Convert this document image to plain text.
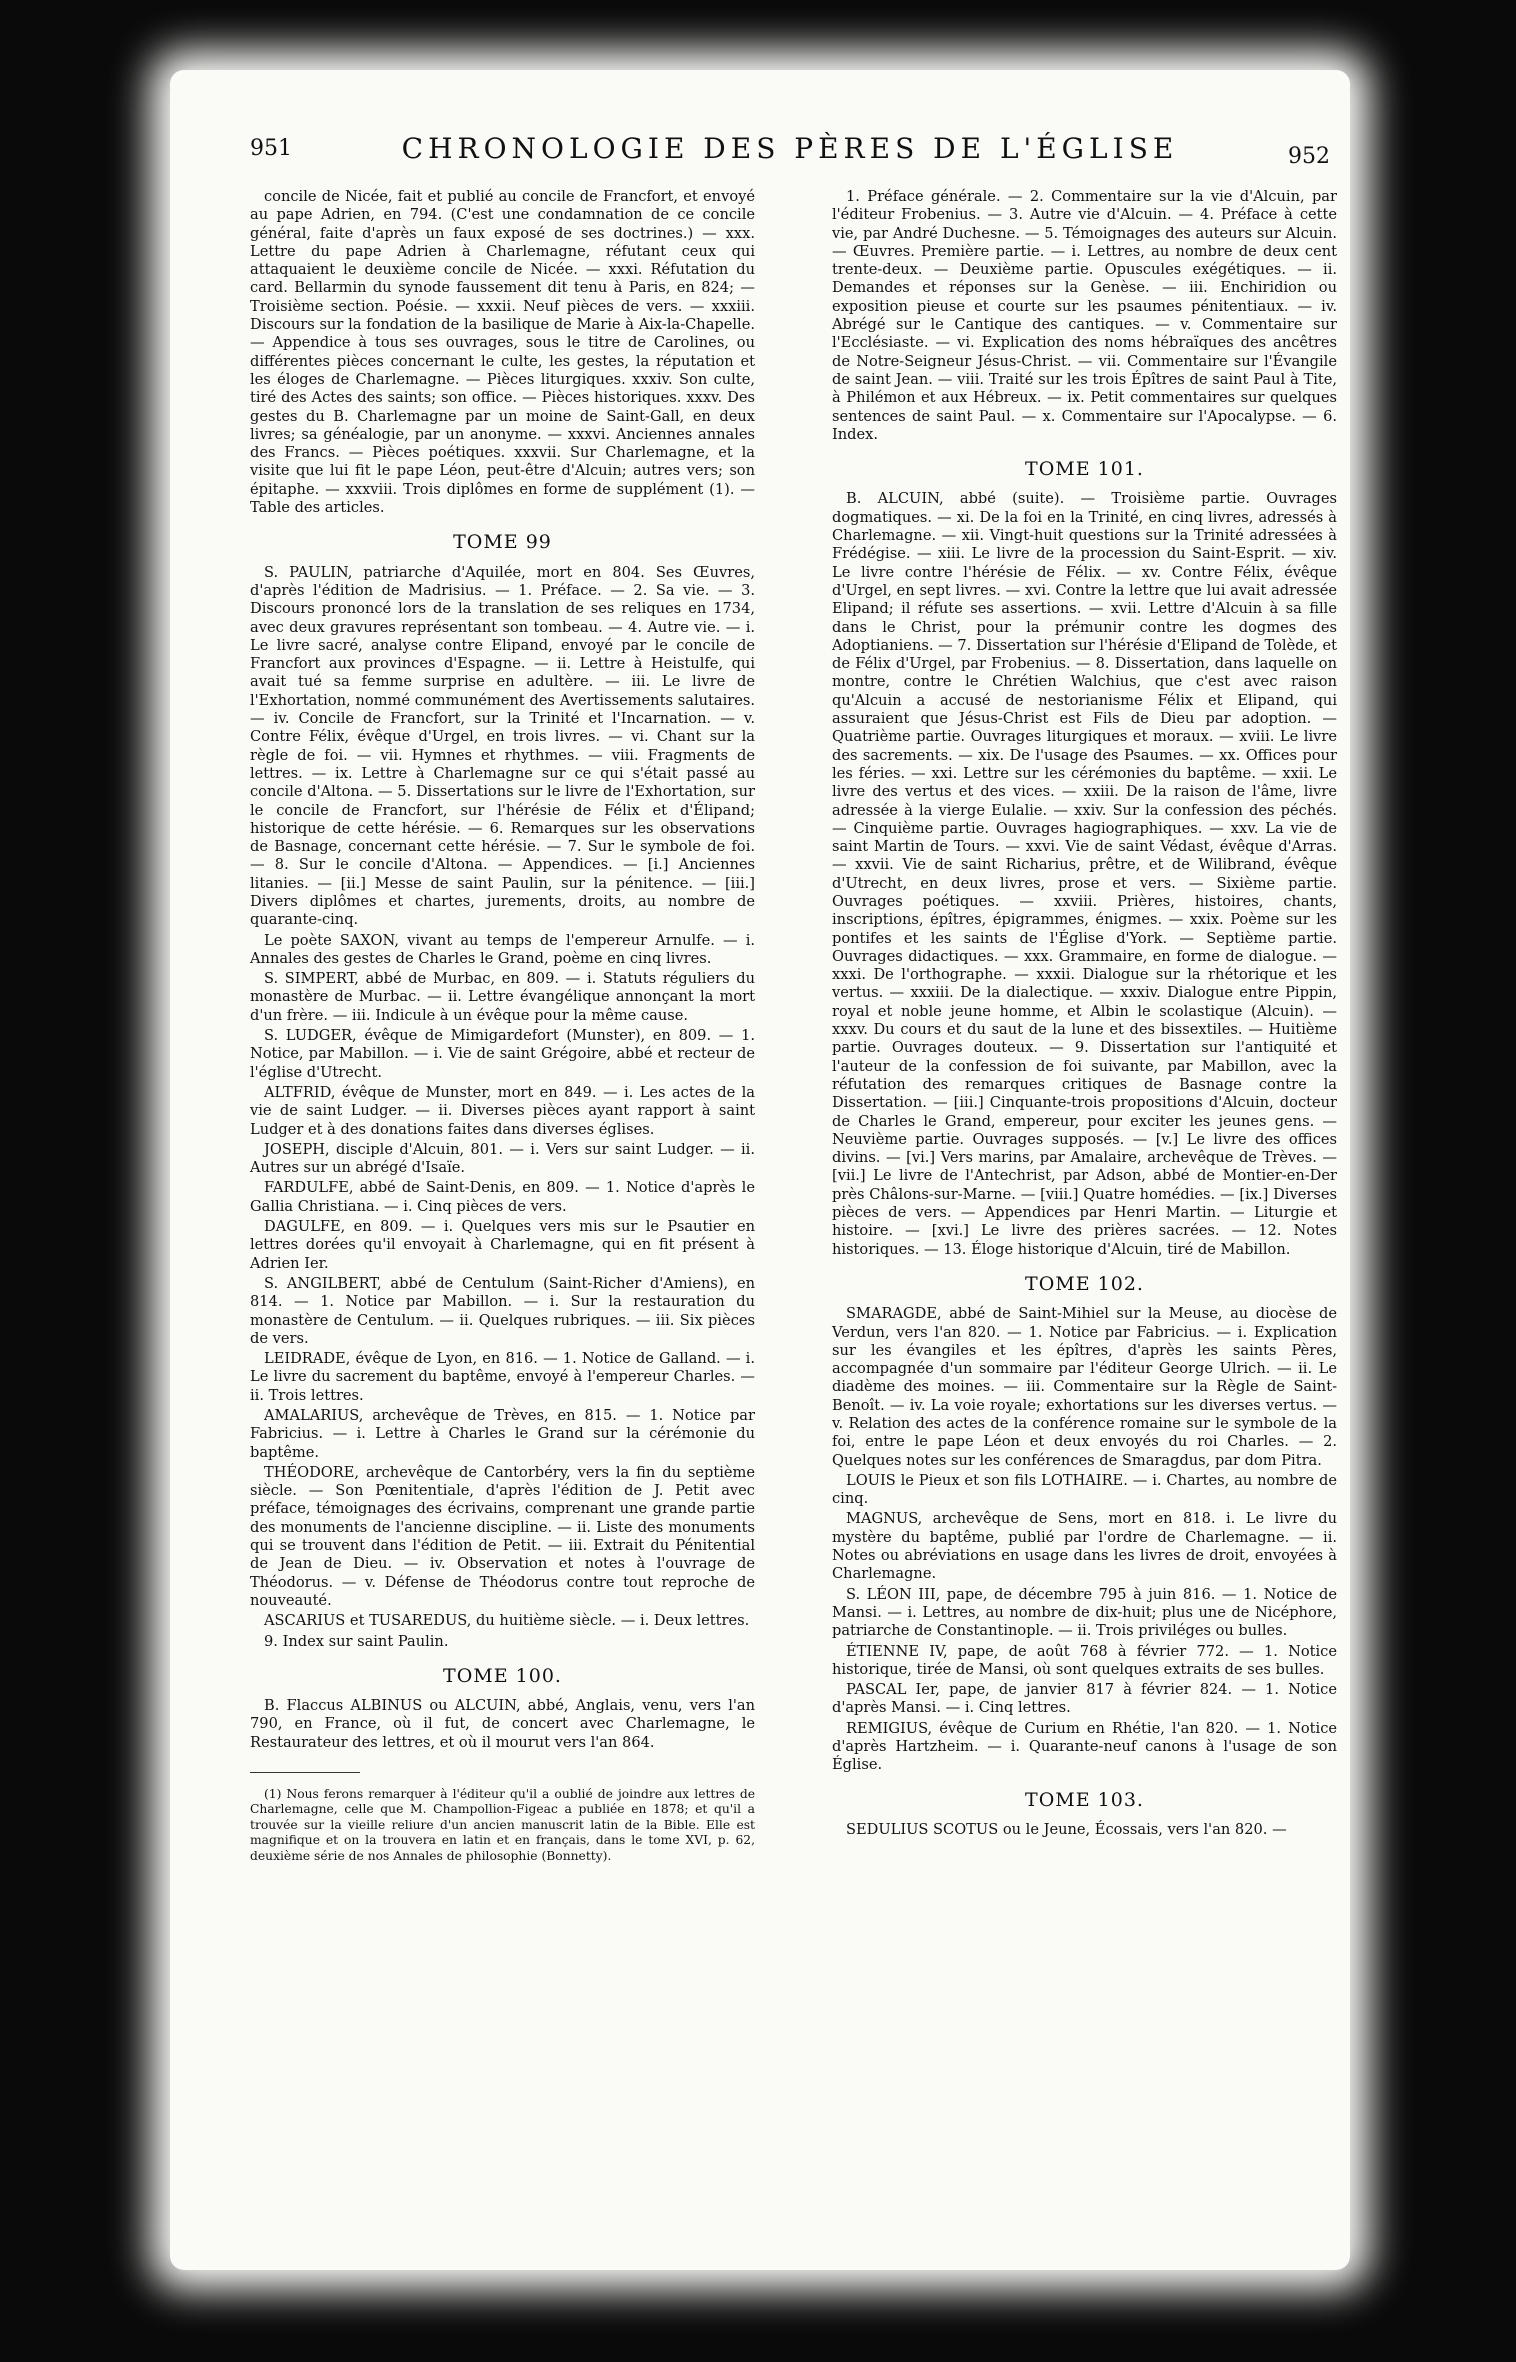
951	CHRONOLOGIE DES PÈRES DE L'ÉGLISE	952

concile de Nicée, fait et publié au concile de Francfort, et envoyé au pape Adrien, en 794. (C'est une condamnation de ce concile général, faite d'après un faux exposé de ses doctrines.) — xxx. Lettre du pape Adrien à Charlemagne, réfutant ceux qui attaquaient le deuxième concile de Nicée. — xxxi. Réfutation du card. Bellarmin du synode faussement dit tenu à Paris, en 824; — Troisième section. Poésie. — xxxii. Neuf pièces de vers. — xxxiii. Discours sur la fondation de la basilique de Marie à Aix-la-Chapelle. — Appendice à tous ses ouvrages, sous le titre de Carolines, ou différentes pièces concernant le culte, les gestes, la réputation et les éloges de Charlemagne. — Pièces liturgiques. xxxiv. Son culte, tiré des Actes des saints; son office. — Pièces historiques. xxxv. Des gestes du B. Charlemagne par un moine de Saint-Gall, en deux livres; sa généalogie, par un anonyme. — xxxvi. Anciennes annales des Francs. — Pièces poétiques. xxxvii. Sur Charlemagne, et la visite que lui fit le pape Léon, peut-être d'Alcuin; autres vers; son épitaphe. — xxxviii. Trois diplômes en forme de supplément (1). — Table des articles.

TOME 99

S. PAULIN, patriarche d'Aquilée, mort en 804. Ses Œuvres, d'après l'édition de Madrisius. — 1. Préface. — 2. Sa vie. — 3. Discours prononcé lors de la translation de ses reliques en 1734, avec deux gravures représentant son tombeau. — 4. Autre vie. — i. Le livre sacré, analyse contre Elipand, envoyé par le concile de Francfort aux provinces d'Espagne. — ii. Lettre à Heistulfe, qui avait tué sa femme surprise en adultère. — iii. Le livre de l'Exhortation, nommé communément des Avertissements salutaires. — iv. Concile de Francfort, sur la Trinité et l'Incarnation. — v. Contre Félix, évêque d'Urgel, en trois livres. — vi. Chant sur la règle de foi. — vii. Hymnes et rhythmes. — viii. Fragments de lettres. — ix. Lettre à Charlemagne sur ce qui s'était passé au concile d'Altona. — 5. Dissertations sur le livre de l'Exhortation, sur le concile de Francfort, sur l'hérésie de Félix et d'Élipand; historique de cette hérésie. — 6. Remarques sur les observations de Basnage, concernant cette hérésie. — 7. Sur le symbole de foi. — 8. Sur le concile d'Altona. — Appendices. — [i.] Anciennes litanies. — [ii.] Messe de saint Paulin, sur la pénitence. — [iii.] Divers diplômes et chartes, jurements, droits, au nombre de quarante-cinq.

Le poète SAXON, vivant au temps de l'empereur Arnulfe. — i. Annales des gestes de Charles le Grand, poème en cinq livres.

S. SIMPERT, abbé de Murbac, en 809. — i. Statuts réguliers du monastère de Murbac. — ii. Lettre évangélique annonçant la mort d'un frère. — iii. Indicule à un évêque pour la même cause.

S. LUDGER, évêque de Mimigardefort (Munster), en 809. — 1. Notice, par Mabillon. — i. Vie de saint Grégoire, abbé et recteur de l'église d'Utrecht.

ALTFRID, évêque de Munster, mort en 849. — i. Les actes de la vie de saint Ludger. — ii. Diverses pièces ayant rapport à saint Ludger et à des donations faites dans diverses églises.

JOSEPH, disciple d'Alcuin, 801. — i. Vers sur saint Ludger. — ii. Autres sur un abrégé d'Isaïe.

FARDULFE, abbé de Saint-Denis, en 809. — 1. Notice d'après le Gallia Christiana. — i. Cinq pièces de vers.

DAGULFE, en 809. — i. Quelques vers mis sur le Psautier en lettres dorées qu'il envoyait à Charlemagne, qui en fit présent à Adrien Ier.

S. ANGILBERT, abbé de Centulum (Saint-Richer d'Amiens), en 814. — 1. Notice par Mabillon. — i. Sur la restauration du monastère de Centulum. — ii. Quelques rubriques. — iii. Six pièces de vers.

LEIDRADE, évêque de Lyon, en 816. — 1. Notice de Galland. — i. Le livre du sacrement du baptême, envoyé à l'empereur Charles. — ii. Trois lettres.

AMALARIUS, archevêque de Trèves, en 815. — 1. Notice par Fabricius. — i. Lettre à Charles le Grand sur la cérémonie du baptême.

THÉODORE, archevêque de Cantorbéry, vers la fin du septième siècle. — Son Pœnitentiale, d'après l'édition de J. Petit avec préface, témoignages des écrivains, comprenant une grande partie des monuments de l'ancienne discipline. — ii. Liste des monuments qui se trouvent dans l'édition de Petit. — iii. Extrait du Pénitential de Jean de Dieu. — iv. Observation et notes à l'ouvrage de Théodorus. — v. Défense de Théodorus contre tout reproche de nouveauté.

ASCARIUS et TUSAREDUS, du huitième siècle. — i. Deux lettres.

9. Index sur saint Paulin.

TOME 100.

B. Flaccus ALBINUS ou ALCUIN, abbé, Anglais, venu, vers l'an 790, en France, où il fut, de concert avec Charlemagne, le Restaurateur des lettres, et où il mourut vers l'an 864.

(1) Nous ferons remarquer à l'éditeur qu'il a oublié de joindre aux lettres de Charlemagne, celle que M. Champollion-Figeac a publiée en 1878; et qu'il a trouvée sur la vieille reliure d'un ancien manuscrit latin de la Bible. Elle est magnifique et on la trouvera en latin et en français, dans le tome XVI, p. 62, deuxième série de nos Annales de philosophie (Bonnetty).

1. Préface générale. — 2. Commentaire sur la vie d'Alcuin, par l'éditeur Frobenius. — 3. Autre vie d'Alcuin. — 4. Préface à cette vie, par André Duchesne. — 5. Témoignages des auteurs sur Alcuin. — Œuvres. Première partie. — i. Lettres, au nombre de deux cent trente-deux. — Deuxième partie. Opuscules exégétiques. — ii. Demandes et réponses sur la Genèse. — iii. Enchiridion ou exposition pieuse et courte sur les psaumes pénitentiaux. — iv. Abrégé sur le Cantique des cantiques. — v. Commentaire sur l'Ecclésiaste. — vi. Explication des noms hébraïques des ancêtres de Notre-Seigneur Jésus-Christ. — vii. Commentaire sur l'Évangile de saint Jean. — viii. Traité sur les trois Épîtres de saint Paul à Tite, à Philémon et aux Hébreux. — ix. Petit commentaires sur quelques sentences de saint Paul. — x. Commentaire sur l'Apocalypse. — 6. Index.

TOME 101.

B. ALCUIN, abbé (suite). — Troisième partie. Ouvrages dogmatiques. — xi. De la foi en la Trinité, en cinq livres, adressés à Charlemagne. — xii. Vingt-huit questions sur la Trinité adressées à Frédégise. — xiii. Le livre de la procession du Saint-Esprit. — xiv. Le livre contre l'hérésie de Félix. — xv. Contre Félix, évêque d'Urgel, en sept livres. — xvi. Contre la lettre que lui avait adressée Elipand; il réfute ses assertions. — xvii. Lettre d'Alcuin à sa fille dans le Christ, pour la prémunir contre les dogmes des Adoptianiens. — 7. Dissertation sur l'hérésie d'Elipand de Tolède, et de Félix d'Urgel, par Frobenius. — 8. Dissertation, dans laquelle on montre, contre le Chrétien Walchius, que c'est avec raison qu'Alcuin a accusé de nestorianisme Félix et Elipand, qui assuraient que Jésus-Christ est Fils de Dieu par adoption. — Quatrième partie. Ouvrages liturgiques et moraux. — xviii. Le livre des sacrements. — xix. De l'usage des Psaumes. — xx. Offices pour les féries. — xxi. Lettre sur les cérémonies du baptême. — xxii. Le livre des vertus et des vices. — xxiii. De la raison de l'âme, livre adressée à la vierge Eulalie. — xxiv. Sur la confession des péchés. — Cinquième partie. Ouvrages hagiographiques. — xxv. La vie de saint Martin de Tours. — xxvi. Vie de saint Védast, évêque d'Arras. — xxvii. Vie de saint Richarius, prêtre, et de Wilibrand, évêque d'Utrecht, en deux livres, prose et vers. — Sixième partie. Ouvrages poétiques. — xxviii. Prières, histoires, chants, inscriptions, épîtres, épigrammes, énigmes. — xxix. Poème sur les pontifes et les saints de l'Église d'York. — Septième partie. Ouvrages didactiques. — xxx. Grammaire, en forme de dialogue. — xxxi. De l'orthographe. — xxxii. Dialogue sur la rhétorique et les vertus. — xxxiii. De la dialectique. — xxxiv. Dialogue entre Pippin, royal et noble jeune homme, et Albin le scolastique (Alcuin). — xxxv. Du cours et du saut de la lune et des bissextiles. — Huitième partie. Ouvrages douteux. — 9. Dissertation sur l'antiquité et l'auteur de la confession de foi suivante, par Mabillon, avec la réfutation des remarques critiques de Basnage contre la Dissertation. — [iii.] Cinquante-trois propositions d'Alcuin, docteur de Charles le Grand, empereur, pour exciter les jeunes gens. — Neuvième partie. Ouvrages supposés. — [v.] Le livre des offices divins. — [vi.] Vers marins, par Amalaire, archevêque de Trèves. — [vii.] Le livre de l'Antechrist, par Adson, abbé de Montier-en-Der près Châlons-sur-Marne. — [viii.] Quatre homédies. — [ix.] Diverses pièces de vers. — Appendices par Henri Martin. — Liturgie et histoire. — [xvi.] Le livre des prières sacrées. — 12. Notes historiques. — 13. Éloge historique d'Alcuin, tiré de Mabillon.

TOME 102.

SMARAGDE, abbé de Saint-Mihiel sur la Meuse, au diocèse de Verdun, vers l'an 820. — 1. Notice par Fabricius. — i. Explication sur les évangiles et les épîtres, d'après les saints Pères, accompagnée d'un sommaire par l'éditeur George Ulrich. — ii. Le diadème des moines. — iii. Commentaire sur la Règle de Saint-Benoît. — iv. La voie royale; exhortations sur les diverses vertus. — v. Relation des actes de la conférence romaine sur le symbole de la foi, entre le pape Léon et deux envoyés du roi Charles. — 2. Quelques notes sur les conférences de Smaragdus, par dom Pitra.

LOUIS le Pieux et son fils LOTHAIRE. — i. Chartes, au nombre de cinq.

MAGNUS, archevêque de Sens, mort en 818. i. Le livre du mystère du baptême, publié par l'ordre de Charlemagne. — ii. Notes ou abréviations en usage dans les livres de droit, envoyées à Charlemagne.

S. LÉON III, pape, de décembre 795 à juin 816. — 1. Notice de Mansi. — i. Lettres, au nombre de dix-huit; plus une de Nicéphore, patriarche de Constantinople. — ii. Trois priviléges ou bulles.

ÉTIENNE IV, pape, de août 768 à février 772. — 1. Notice historique, tirée de Mansi, où sont quelques extraits de ses bulles.

PASCAL Ier, pape, de janvier 817 à février 824. — 1. Notice d'après Mansi. — i. Cinq lettres.

REMIGIUS, évêque de Curium en Rhétie, l'an 820. — 1. Notice d'après Hartzheim. — i. Quarante-neuf canons à l'usage de son Église.

TOME 103.

SEDULIUS SCOTUS ou le Jeune, Écossais, vers l'an 820. —
